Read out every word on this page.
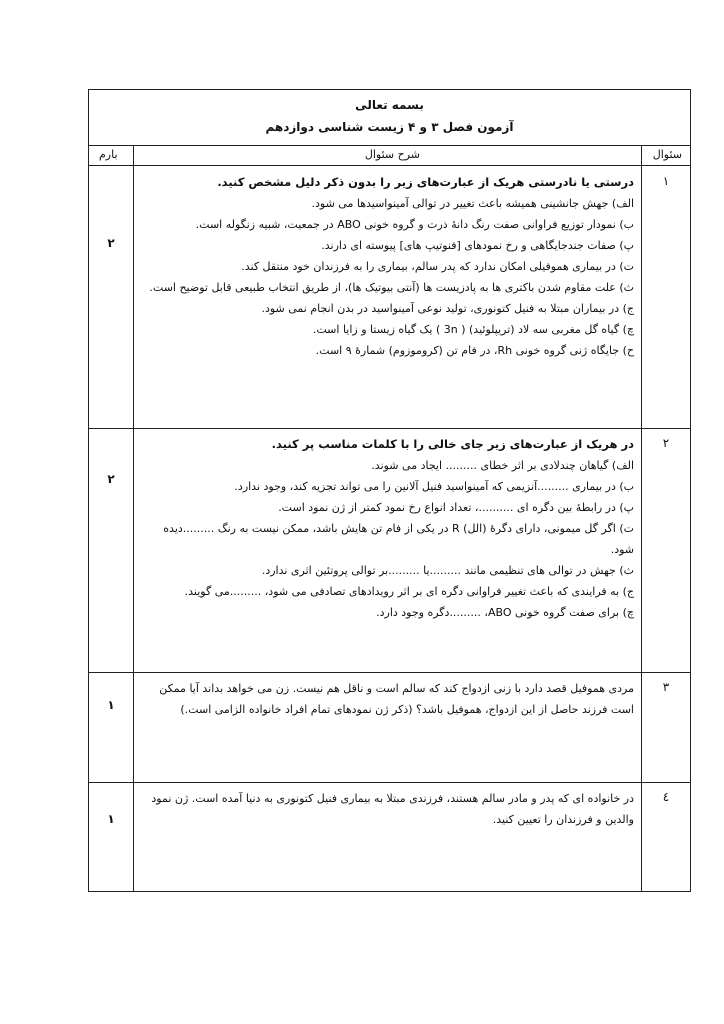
بسمه تعالی
آزمون فصل ۳ و ۴ زیست شناسی دوازدهم
سئوال
شرح سئوال
بارم
۱
۲
درستی یا نادرستی هریک از عبارت‌های زیر را بدون ذکر دلیل مشخص کنید.
الف) جهش جانشینی همیشه باعث تغییر در توالی آمینواسیدها می شود.
ب) نمودار توزیع فراوانی صفت رنگ دانهٔ ذرت و گروه خونی ABO در جمعیت، شبیه زنگوله است.
پ) صفات جندجایگاهی و رخ نمودهای [فنوتیپ های] پیوسته ای دارند.
ت) در بیماری هموفیلی امکان ندارد که پدر سالم، بیماری را به فرزندان خود منتقل کند.
ث) علت مقاوم شدن باکتری ها به پادزیست ها (آنتی بیوتیک ها)، از طریق انتخاب طبیعی قابل توضیح است.
ج) در بیماران مبتلا به فنیل کتونوری، تولید نوعی آمینواسید در بدن انجام نمی شود.
چ) گیاه گل مغربی سه لاد (تریپلوئید) ( 3n ) یک گیاه زیستا و زایا است.
ح) جایگاه ژنی گروه خونی Rh، در فام تن (کروموزوم) شمارهٔ ۹ است.
۲
۲
در هریک از عبارت‌های زیر جای خالی را با کلمات مناسب پر کنید.
الف) گیاهان چندلادی بر اثر خطای ......... ایجاد می شوند.
ب) در بیماری .........آنزیمی که آمینواسید فنیل آلانین را می تواند تجزیه کند، وجود ندارد.
پ) در رابطهٔ بین دگره ای ..........، تعداد انواع رخ نمود کمتر از ژن نمود است.
ت) اگر گل میمونی، دارای دگرهٔ (الل) R در یکی از فام تن هایش باشد، ممکن نیست به رنگ .........دیده شود.
ث) جهش در توالی های تنظیمی مانند .........یا .........بر توالی پروتئین اثری ندارد.
ج) به فرایندی که باعث تغییر فراوانی دگره ای بر اثر رویدادهای تصادفی می شود، .........می گویند.
چ) برای صفت گروه خونی ABO، .........دگره وجود دارد.
۳
۱
مردی هموفیل قصد دارد با زنی ازدواج کند که سالم است و ناقل هم نیست. زن می خواهد بداند آیا ممکن است فرزند حاصل از این ازدواج، هموفیل باشد؟ (ذکر ژن نمودهای تمام افراد خانواده الزامی است.)
٤
۱
در خانواده ای که پدر و مادر سالم هستند، فرزندی مبتلا به بیماری فنیل کتونوری به دنیا آمده است. ژن نمود والدین و فرزندان را تعیین کنید.
